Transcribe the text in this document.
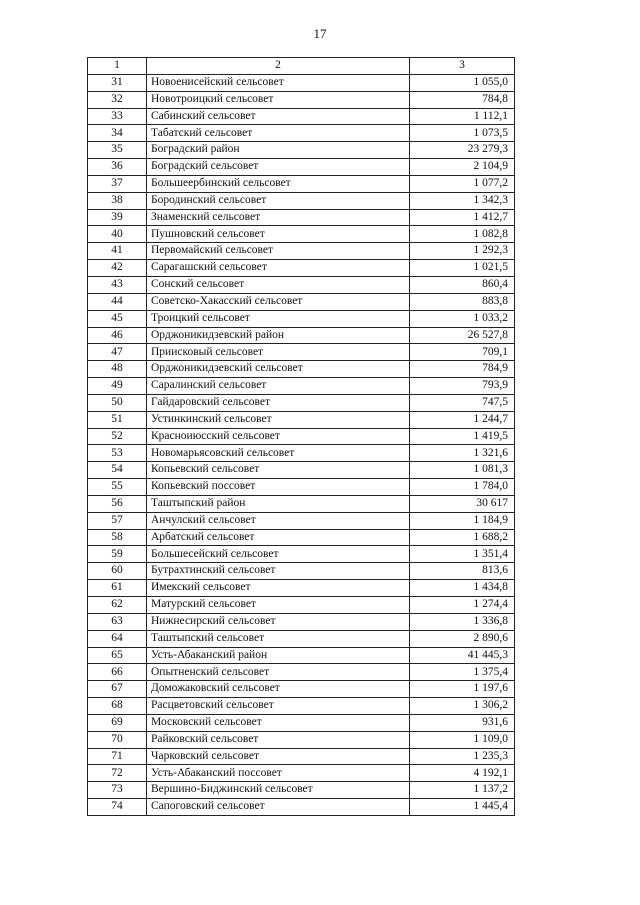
17
1	2	3
31	Новоенисейский сельсовет	1 055,0
32	Новотроицкий сельсовет	784,8
33	Сабинский сельсовет	1 112,1
34	Табатский сельсовет	1 073,5
35	Боградский район	23 279,3
36	Боградский сельсовет	2 104,9
37	Большеербинский сельсовет	1 077,2
38	Бородинский сельсовет	1 342,3
39	Знаменский сельсовет	1 412,7
40	Пушновский сельсовет	1 082,8
41	Первомайский сельсовет	1 292,3
42	Сарагашский сельсовет	1 021,5
43	Сонский сельсовет	860,4
44	Советско-Хакасский сельсовет	883,8
45	Троицкий сельсовет	1 033,2
46	Орджоникидзевский район	26 527,8
47	Приисковый сельсовет	709,1
48	Орджоникидзевский сельсовет	784,9
49	Саралинский сельсовет	793,9
50	Гайдаровский сельсовет	747,5
51	Устинкинский сельсовет	1 244,7
52	Красноиюсский сельсовет	1 419,5
53	Новомарьясовский сельсовет	1 321,6
54	Копьевский сельсовет	1 081,3
55	Копьевский поссовет	1 784,0
56	Таштыпский район	30 617
57	Анчулский сельсовет	1 184,9
58	Арбатский сельсовет	1 688,2
59	Большесейский сельсовет	1 351,4
60	Бутрахтинский сельсовет	813,6
61	Имекский сельсовет	1 434,8
62	Матурский сельсовет	1 274,4
63	Нижнесирский сельсовет	1 336,8
64	Таштыпский сельсовет	2 890,6
65	Усть-Абаканский район	41 445,3
66	Опытненский сельсовет	1 375,4
67	Доможаковский сельсовет	1 197,6
68	Расцветовский сельсовет	1 306,2
69	Московский сельсовет	931,6
70	Райковский сельсовет	1 109,0
71	Чарковский сельсовет	1 235,3
72	Усть-Абаканский поссовет	4 192,1
73	Вершино-Биджинский сельсовет	1 137,2
74	Сапоговский сельсовет	1 445,4
